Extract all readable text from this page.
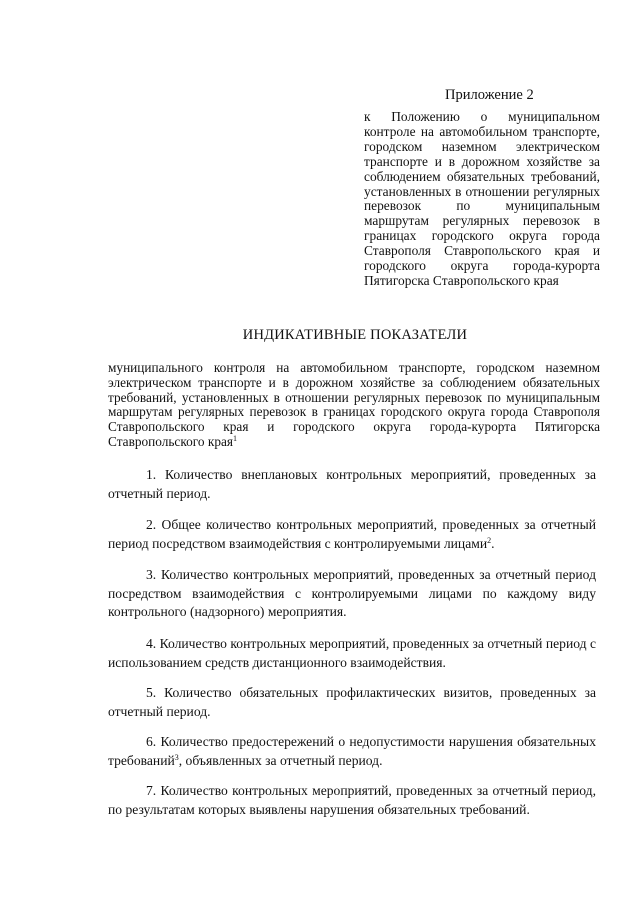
Приложение 2
к Положению о муниципальном контроле на автомобильном транспорте, городском наземном электрическом транспорте и в дорожном хозяйстве за соблюдением обязательных требований, установленных в отношении регулярных перевозок по муниципальным маршрутам регулярных перевозок в границах городского округа города Ставрополя Ставропольского края и городского округа города-курорта Пятигорска Ставропольского края
ИНДИКАТИВНЫЕ ПОКАЗАТЕЛИ
муниципального контроля на автомобильном транспорте, городском наземном электрическом транспорте и в дорожном хозяйстве за соблюдением обязательных требований, установленных в отношении регулярных перевозок по муниципальным маршрутам регулярных перевозок в границах городского округа города Ставрополя Ставропольского края и городского округа города-курорта Пятигорска Ставропольского края$^1$
1. Количество внеплановых контрольных мероприятий, проведенных за отчетный период.
2. Общее количество контрольных мероприятий, проведенных за отчетный период посредством взаимодействия с контролируемыми лицами$^2$.
3. Количество контрольных мероприятий, проведенных за отчетный период посредством взаимодействия с контролируемыми лицами по каждому виду контрольного (надзорного) мероприятия.
4. Количество контрольных мероприятий, проведенных за отчетный период с использованием средств дистанционного взаимодействия.
5. Количество обязательных профилактических визитов, проведенных за отчетный период.
6. Количество предостережений о недопустимости нарушения обязательных требований$^3$, объявленных за отчетный период.
7. Количество контрольных мероприятий, проведенных за отчетный период, по результатам которых выявлены нарушения обязательных требований.
